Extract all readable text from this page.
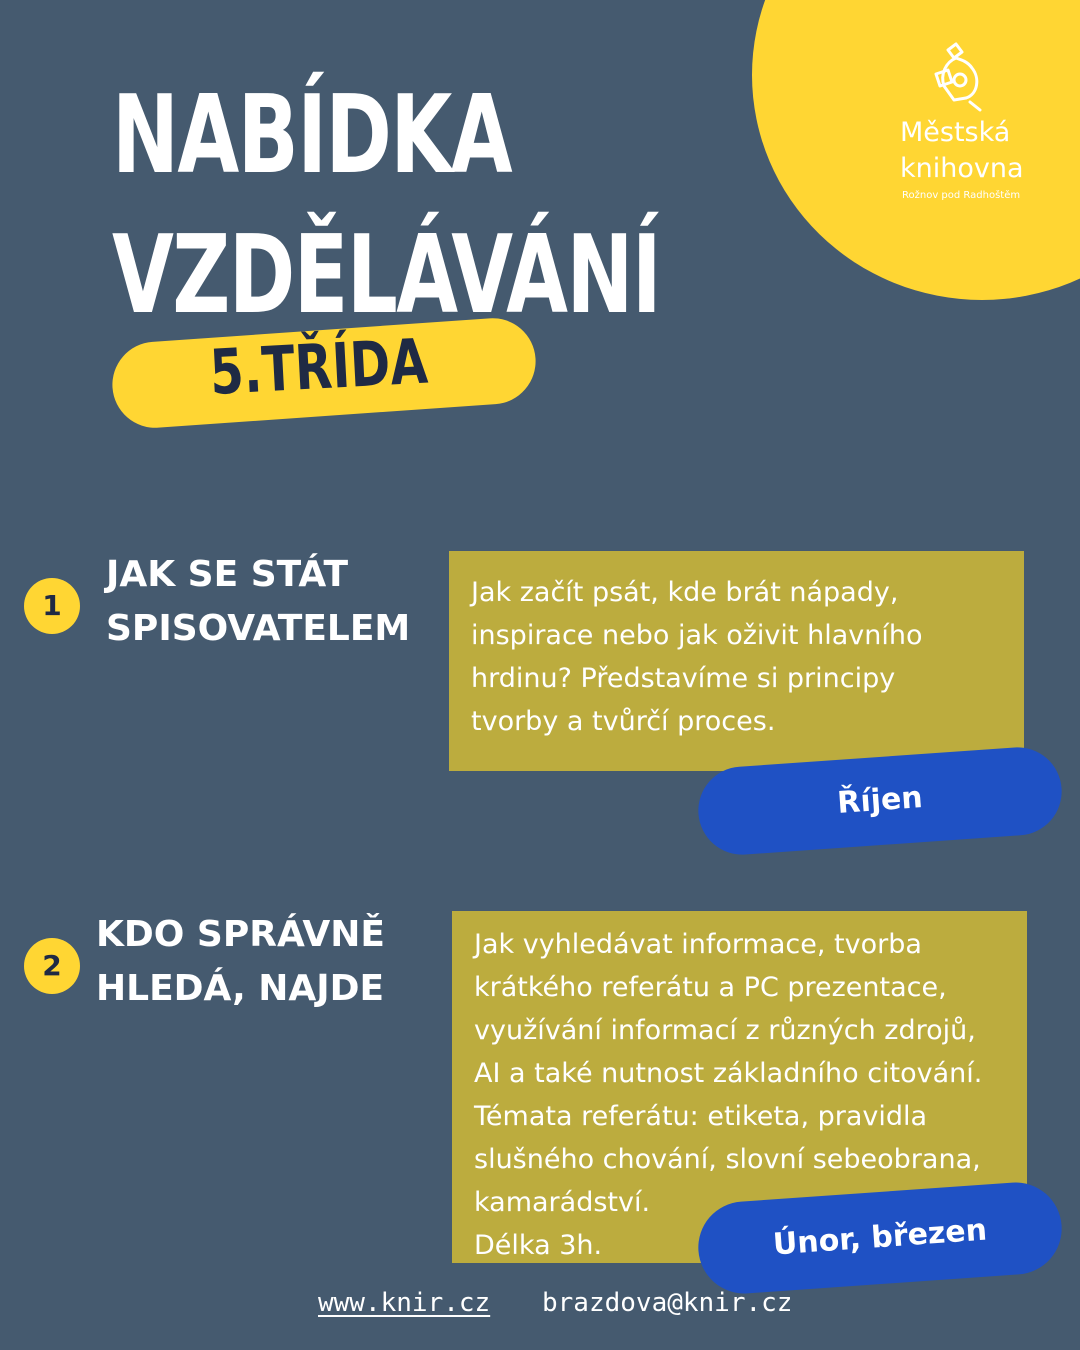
Městská
knihovna
Rožnov pod Radhoštěm
NABÍDKA
VZDĚLÁVÁNÍ
5.TŘÍDA
1
JAK SE STÁT
SPISOVATELEM
Jak začít psát, kde brát nápady,
inspirace nebo jak oživit hlavního
hrdinu? Představíme si principy
tvorby a tvůrčí proces.
Říjen
2
KDO SPRÁVNĚ
HLEDÁ, NAJDE
Jak vyhledávat informace, tvorba
krátkého referátu a PC prezentace,
využívání informací z různých zdrojů,
AI a také nutnost základního citování.
Témata referátu: etiketa, pravidla
slušného chování, slovní sebeobrana,
kamarádství.
Délka 3h.	Únor, březen
www.knir.cz brazdova@knir.cz
